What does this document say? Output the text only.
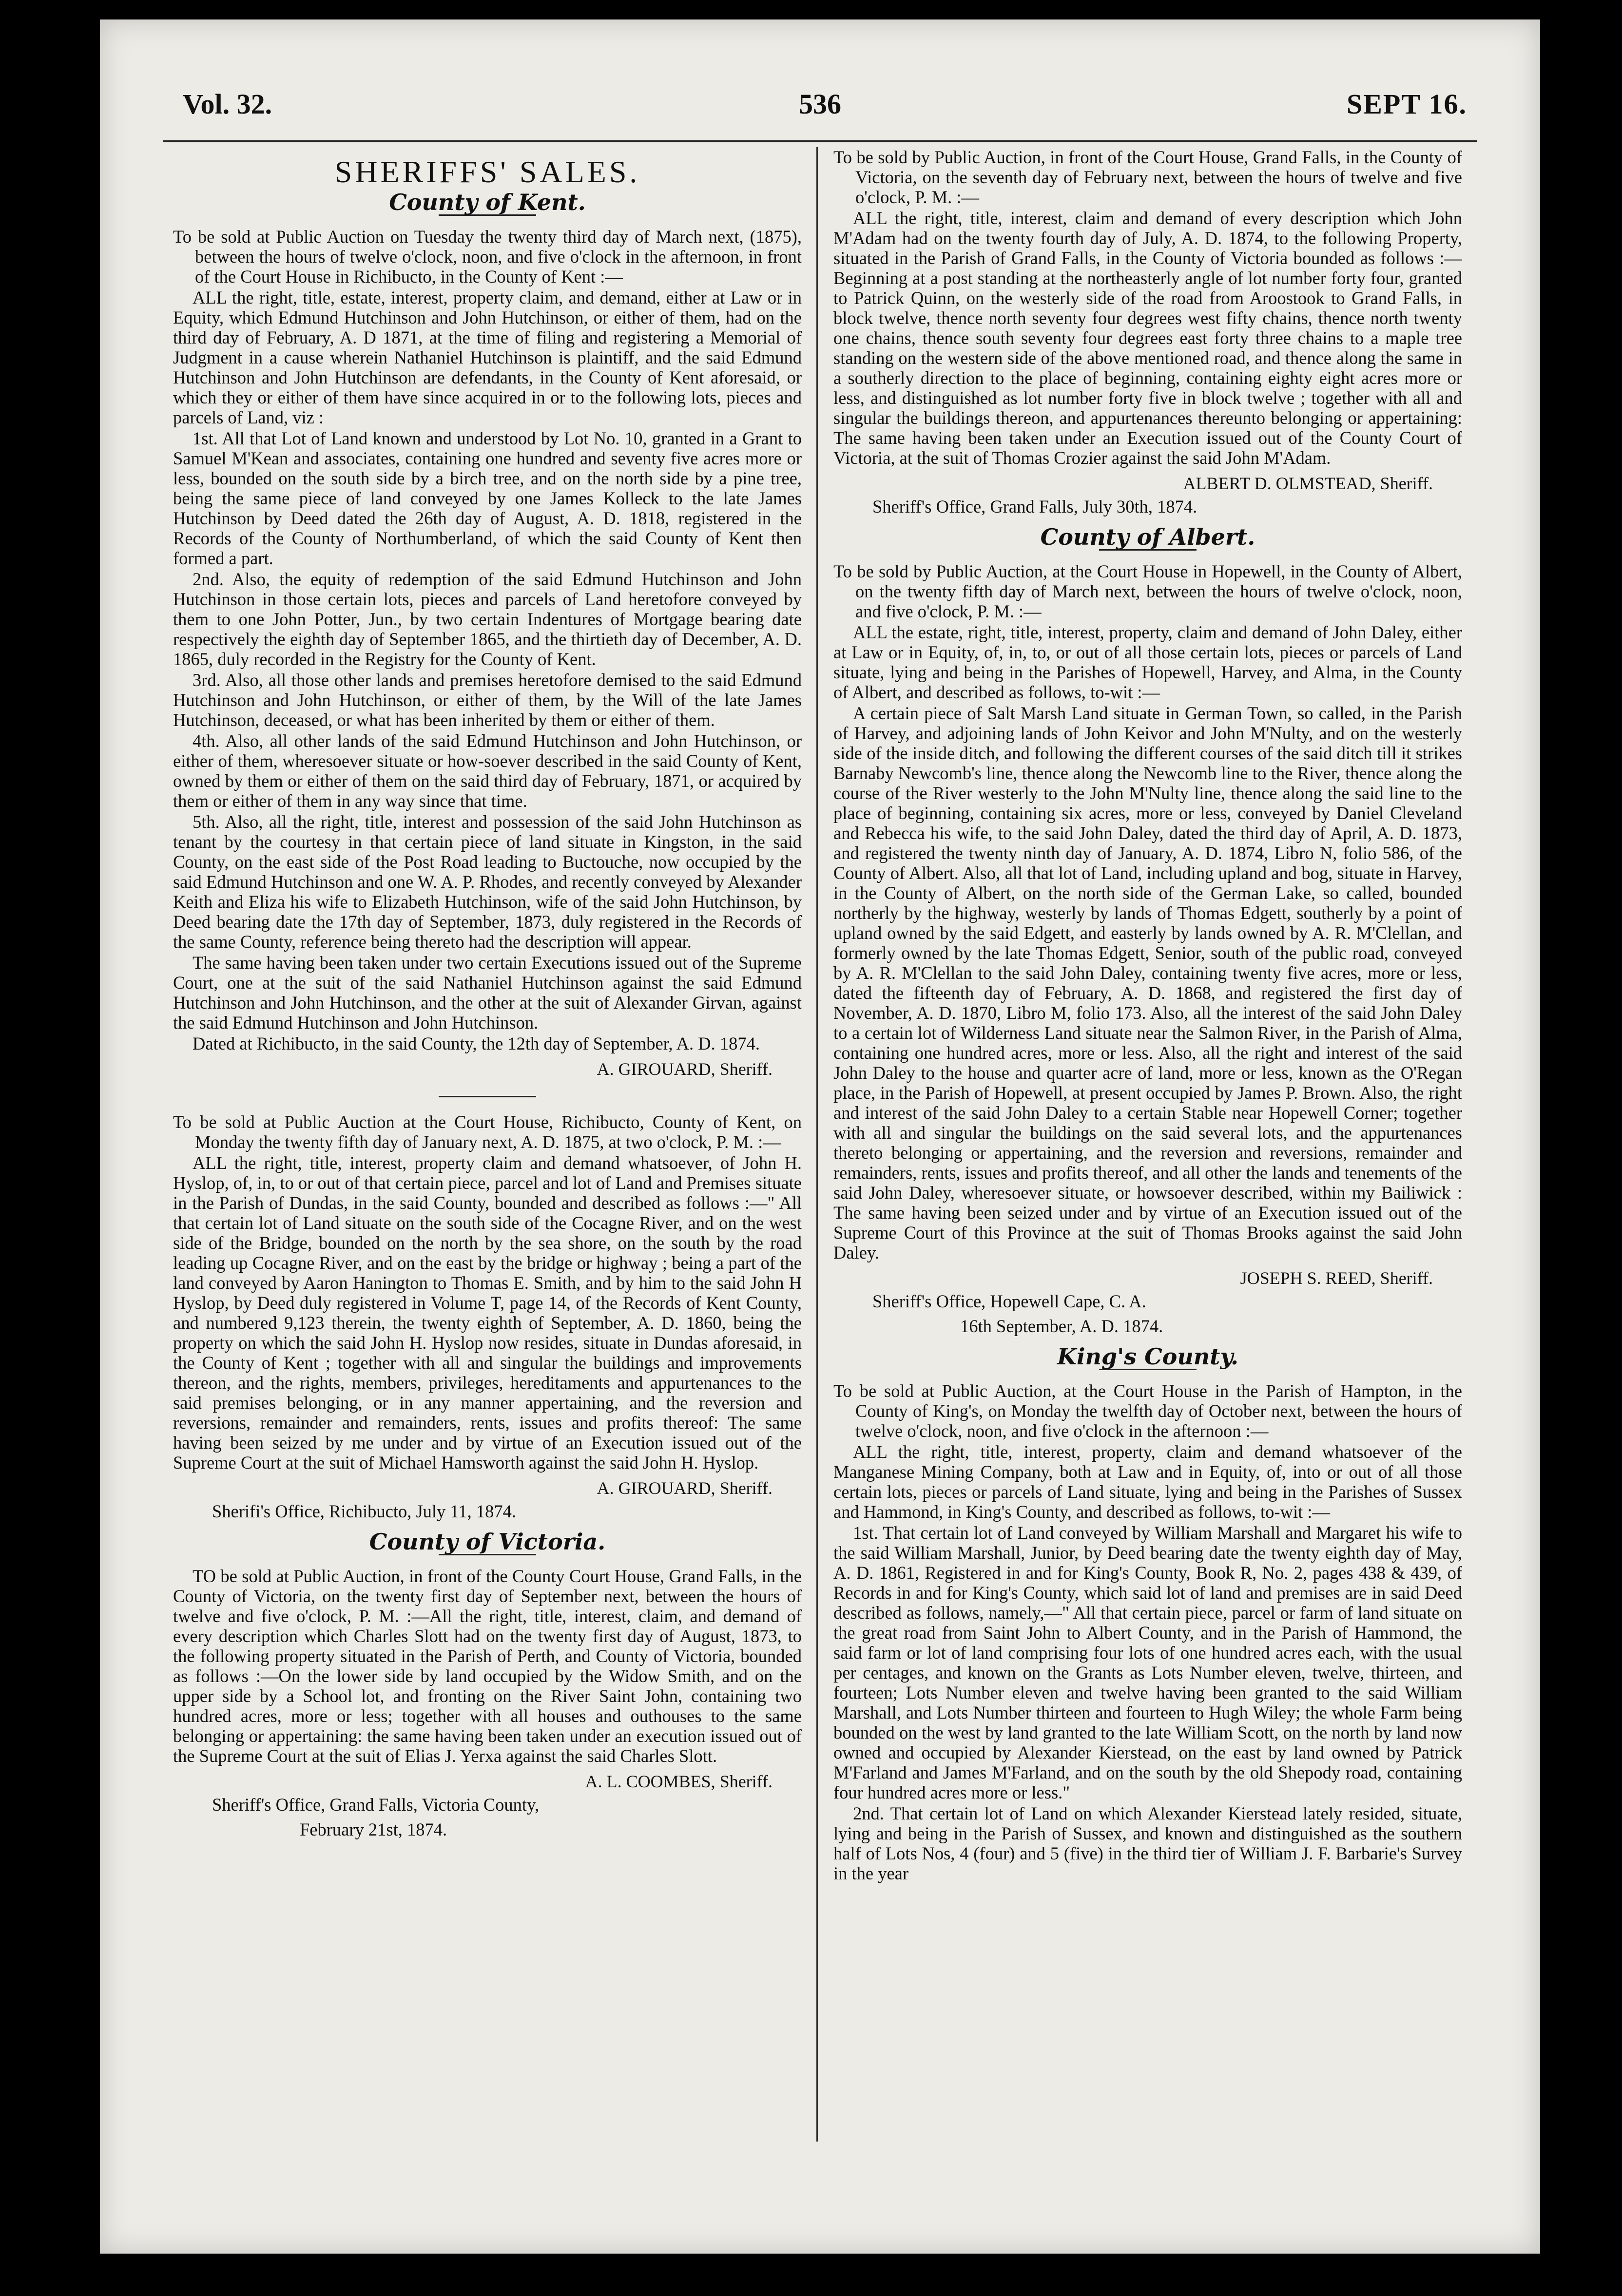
Vol. 32.	536	SEPT 16.
SHERIFFS' SALES.
County of Kent.

To be sold at Public Auction on Tuesday the twenty third day of March next, (1875), between the hours of twelve o'clock, noon, and five o'clock in the afternoon, in front of the Court House in Richibucto, in the County of Kent :—

ALL the right, title, estate, interest, property claim, and demand, either at Law or in Equity, which Edmund Hutchinson and John Hutchinson, or either of them, had on the third day of February, A. D 1871, at the time of filing and registering a Memorial of Judgment in a cause wherein Nathaniel Hutchinson is plaintiff, and the said Edmund Hutchinson and John Hutchinson are defendants, in the County of Kent aforesaid, or which they or either of them have since acquired in or to the following lots, pieces and parcels of Land, viz :

1st. All that Lot of Land known and understood by Lot No. 10, granted in a Grant to Samuel M'Kean and associates, containing one hundred and seventy five acres more or less, bounded on the south side by a birch tree, and on the north side by a pine tree, being the same piece of land conveyed by one James Kolleck to the late James Hutchinson by Deed dated the 26th day of August, A. D. 1818, registered in the Records of the County of Northumberland, of which the said County of Kent then formed a part.

2nd. Also, the equity of redemption of the said Edmund Hutchinson and John Hutchinson in those certain lots, pieces and parcels of Land heretofore conveyed by them to one John Potter, Jun., by two certain Indentures of Mortgage bearing date respectively the eighth day of September 1865, and the thirtieth day of December, A. D. 1865, duly recorded in the Registry for the County of Kent.

3rd. Also, all those other lands and premises heretofore demised to the said Edmund Hutchinson and John Hutchinson, or either of them, by the Will of the late James Hutchinson, deceased, or what has been inherited by them or either of them.

4th. Also, all other lands of the said Edmund Hutchinson and John Hutchinson, or either of them, wheresoever situate or how-soever described in the said County of Kent, owned by them or either of them on the said third day of February, 1871, or acquired by them or either of them in any way since that time.

5th. Also, all the right, title, interest and possession of the said John Hutchinson as tenant by the courtesy in that certain piece of land situate in Kingston, in the said County, on the east side of the Post Road leading to Buctouche, now occupied by the said Edmund Hutchinson and one W. A. P. Rhodes, and recently conveyed by Alexander Keith and Eliza his wife to Elizabeth Hutchinson, wife of the said John Hutchinson, by Deed bearing date the 17th day of September, 1873, duly registered in the Records of the same County, reference being thereto had the description will appear.

The same having been taken under two certain Executions issued out of the Supreme Court, one at the suit of the said Nathaniel Hutchinson against the said Edmund Hutchinson and John Hutchinson, and the other at the suit of Alexander Girvan, against the said Edmund Hutchinson and John Hutchinson.

Dated at Richibucto, in the said County, the 12th day of September, A. D. 1874.

A. GIROUARD, Sheriff.

To be sold at Public Auction at the Court House, Richibucto, County of Kent, on Monday the twenty fifth day of January next, A. D. 1875, at two o'clock, P. M. :—

ALL the right, title, interest, property claim and demand whatsoever, of John H. Hyslop, of, in, to or out of that certain piece, parcel and lot of Land and Premises situate in the Parish of Dundas, in the said County, bounded and described as follows :—" All that certain lot of Land situate on the south side of the Cocagne River, and on the west side of the Bridge, bounded on the north by the sea shore, on the south by the road leading up Cocagne River, and on the east by the bridge or highway ; being a part of the land conveyed by Aaron Hanington to Thomas E. Smith, and by him to the said John H Hyslop, by Deed duly registered in Volume T, page 14, of the Records of Kent County, and numbered 9,123 therein, the twenty eighth of September, A. D. 1860, being the property on which the said John H. Hyslop now resides, situate in Dundas aforesaid, in the County of Kent ; together with all and singular the buildings and improvements thereon, and the rights, members, privileges, hereditaments and appurtenances to the said premises belonging, or in any manner appertaining, and the reversion and reversions, remainder and remainders, rents, issues and profits thereof: The same having been seized by me under and by virtue of an Execution issued out of the Supreme Court at the suit of Michael Hamsworth against the said John H. Hyslop.

A. GIROUARD, Sheriff.

Sherifi's Office, Richibucto, July 11, 1874.

County of Victoria.

TO be sold at Public Auction, in front of the County Court House, Grand Falls, in the County of Victoria, on the twenty first day of September next, between the hours of twelve and five o'clock, P. M. :—All the right, title, interest, claim, and demand of every description which Charles Slott had on the twenty first day of August, 1873, to the following property situated in the Parish of Perth, and County of Victoria, bounded as follows :—On the lower side by land occupied by the Widow Smith, and on the upper side by a School lot, and fronting on the River Saint John, containing two hundred acres, more or less; together with all houses and outhouses to the same belonging or appertaining: the same having been taken under an execution issued out of the Supreme Court at the suit of Elias J. Yerxa against the said Charles Slott.

A. L. COOMBES, Sheriff.

Sheriff's Office, Grand Falls, Victoria County,

February 21st, 1874.

To be sold by Public Auction, in front of the Court House, Grand Falls, in the County of Victoria, on the seventh day of February next, between the hours of twelve and five o'clock, P. M. :—

ALL the right, title, interest, claim and demand of every description which John M'Adam had on the twenty fourth day of July, A. D. 1874, to the following Property, situated in the Parish of Grand Falls, in the County of Victoria bounded as follows :—Beginning at a post standing at the northeasterly angle of lot number forty four, granted to Patrick Quinn, on the westerly side of the road from Aroostook to Grand Falls, in block twelve, thence north seventy four degrees west fifty chains, thence north twenty one chains, thence south seventy four degrees east forty three chains to a maple tree standing on the western side of the above mentioned road, and thence along the same in a southerly direction to the place of beginning, containing eighty eight acres more or less, and distinguished as lot number forty five in block twelve ; together with all and singular the buildings thereon, and appurtenances thereunto belonging or appertaining: The same having been taken under an Execution issued out of the County Court of Victoria, at the suit of Thomas Crozier against the said John M'Adam.

ALBERT D. OLMSTEAD, Sheriff.

Sheriff's Office, Grand Falls, July 30th, 1874.

County of Albert.

To be sold by Public Auction, at the Court House in Hopewell, in the County of Albert, on the twenty fifth day of March next, between the hours of twelve o'clock, noon, and five o'clock, P. M. :—

ALL the estate, right, title, interest, property, claim and demand of John Daley, either at Law or in Equity, of, in, to, or out of all those certain lots, pieces or parcels of Land situate, lying and being in the Parishes of Hopewell, Harvey, and Alma, in the County of Albert, and described as follows, to-wit :—

A certain piece of Salt Marsh Land situate in German Town, so called, in the Parish of Harvey, and adjoining lands of John Keivor and John M'Nulty, and on the westerly side of the inside ditch, and following the different courses of the said ditch till it strikes Barnaby Newcomb's line, thence along the Newcomb line to the River, thence along the course of the River westerly to the John M'Nulty line, thence along the said line to the place of beginning, containing six acres, more or less, conveyed by Daniel Cleveland and Rebecca his wife, to the said John Daley, dated the third day of April, A. D. 1873, and registered the twenty ninth day of January, A. D. 1874, Libro N, folio 586, of the County of Albert. Also, all that lot of Land, including upland and bog, situate in Harvey, in the County of Albert, on the north side of the German Lake, so called, bounded northerly by the highway, westerly by lands of Thomas Edgett, southerly by a point of upland owned by the said Edgett, and easterly by lands owned by A. R. M'Clellan, and formerly owned by the late Thomas Edgett, Senior, south of the public road, conveyed by A. R. M'Clellan to the said John Daley, containing twenty five acres, more or less, dated the fifteenth day of February, A. D. 1868, and registered the first day of November, A. D. 1870, Libro M, folio 173. Also, all the interest of the said John Daley to a certain lot of Wilderness Land situate near the Salmon River, in the Parish of Alma, containing one hundred acres, more or less. Also, all the right and interest of the said John Daley to the house and quarter acre of land, more or less, known as the O'Regan place, in the Parish of Hopewell, at present occupied by James P. Brown. Also, the right and interest of the said John Daley to a certain Stable near Hopewell Corner; together with all and singular the buildings on the said several lots, and the appurtenances thereto belonging or appertaining, and the reversion and reversions, remainder and remainders, rents, issues and profits thereof, and all other the lands and tenements of the said John Daley, wheresoever situate, or howsoever described, within my Bailiwick : The same having been seized under and by virtue of an Execution issued out of the Supreme Court of this Province at the suit of Thomas Brooks against the said John Daley.

JOSEPH S. REED, Sheriff.

Sheriff's Office, Hopewell Cape, C. A.

16th September, A. D. 1874.

King's County.

To be sold at Public Auction, at the Court House in the Parish of Hampton, in the County of King's, on Monday the twelfth day of October next, between the hours of twelve o'clock, noon, and five o'clock in the afternoon :—

ALL the right, title, interest, property, claim and demand whatsoever of the Manganese Mining Company, both at Law and in Equity, of, into or out of all those certain lots, pieces or parcels of Land situate, lying and being in the Parishes of Sussex and Hammond, in King's County, and described as follows, to-wit :—

1st. That certain lot of Land conveyed by William Marshall and Margaret his wife to the said William Marshall, Junior, by Deed bearing date the twenty eighth day of May, A. D. 1861, Registered in and for King's County, Book R, No. 2, pages 438 & 439, of Records in and for King's County, which said lot of land and premises are in said Deed described as follows, namely,—" All that certain piece, parcel or farm of land situate on the great road from Saint John to Albert County, and in the Parish of Hammond, the said farm or lot of land comprising four lots of one hundred acres each, with the usual per centages, and known on the Grants as Lots Number eleven, twelve, thirteen, and fourteen; Lots Number eleven and twelve having been granted to the said William Marshall, and Lots Number thirteen and fourteen to Hugh Wiley; the whole Farm being bounded on the west by land granted to the late William Scott, on the north by land now owned and occupied by Alexander Kierstead, on the east by land owned by Patrick M'Farland and James M'Farland, and on the south by the old Shepody road, containing four hundred acres more or less."

2nd. That certain lot of Land on which Alexander Kierstead lately resided, situate, lying and being in the Parish of Sussex, and known and distinguished as the southern half of Lots Nos, 4 (four) and 5 (five) in the third tier of William J. F. Barbarie's Survey in the year
